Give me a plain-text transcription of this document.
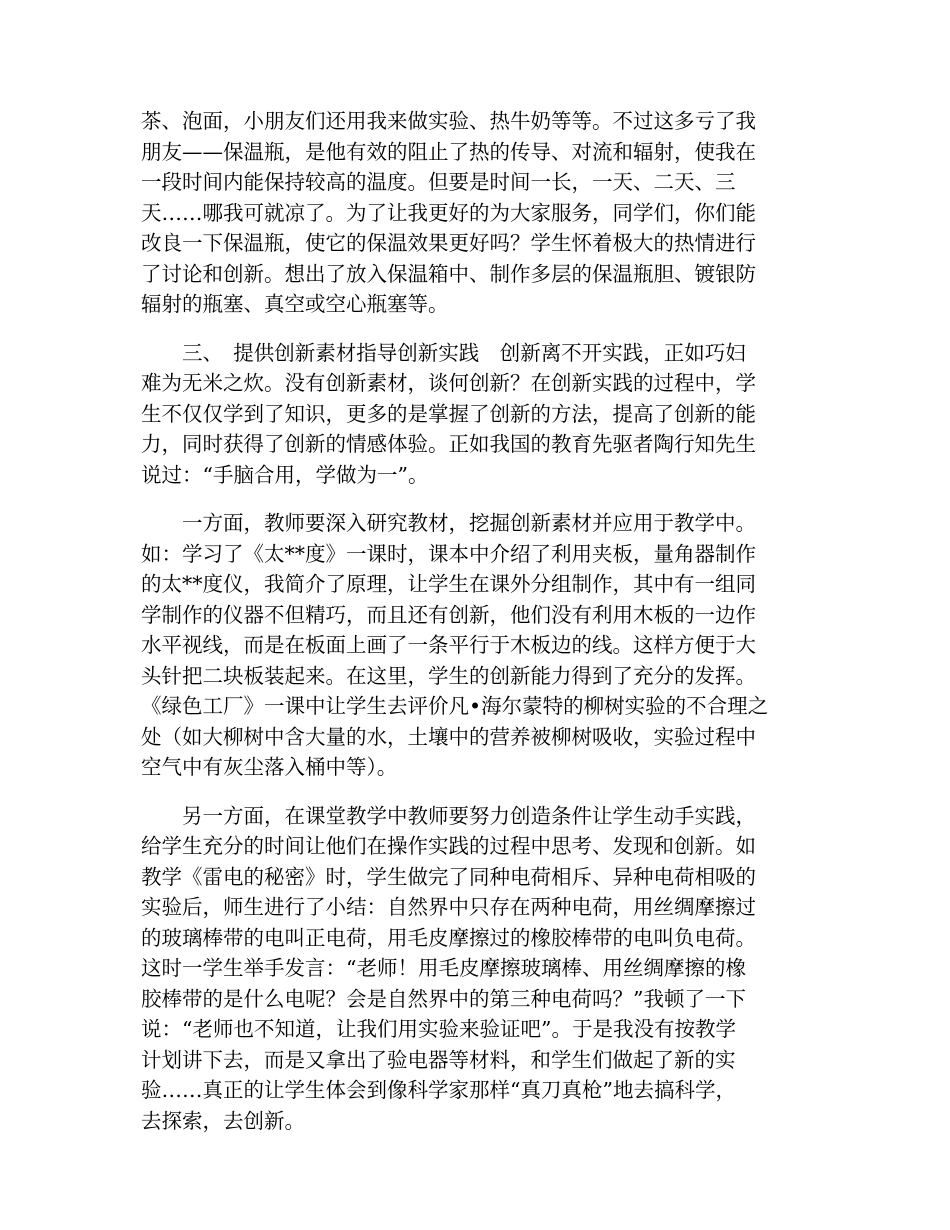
茶、泡面，小朋友们还用我来做实验、热牛奶等等。不过这多亏了我
朋友——保温瓶，是他有效的阻止了热的传导、对流和辐射，使我在
一段时间内能保持较高的温度。但要是时间一长，一天、二天、三
天……哪我可就凉了。为了让我更好的为大家服务，同学们，你们能
改良一下保温瓶，使它的保温效果更好吗？学生怀着极大的热情进行
了讨论和创新。想出了放入保温箱中、制作多层的保温瓶胆、镀银防
辐射的瓶塞、真空或空心瓶塞等。

　　三、　提供创新素材指导创新实践　创新离不开实践，正如巧妇
难为无米之炊。没有创新素材，谈何创新？在创新实践的过程中，学
生不仅仅学到了知识，更多的是掌握了创新的方法，提高了创新的能
力，同时获得了创新的情感体验。正如我国的教育先驱者陶行知先生
说过：“手脑合用，学做为一”。

　　一方面，教师要深入研究教材，挖掘创新素材并应用于教学中。
如：学习了《太**度》一课时，课本中介绍了利用夹板，量角器制作
的太**度仪，我简介了原理，让学生在课外分组制作，其中有一组同
学制作的仪器不但精巧，而且还有创新，他们没有利用木板的一边作
水平视线，而是在板面上画了一条平行于木板边的线。这样方便于大
头针把二块板装起来。在这里，学生的创新能力得到了充分的发挥。
《绿色工厂》一课中让学生去评价凡•海尔蒙特的柳树实验的不合理之
处（如大柳树中含大量的水，土壤中的营养被柳树吸收，实验过程中
空气中有灰尘落入桶中等）。

　　另一方面，在课堂教学中教师要努力创造条件让学生动手实践，
给学生充分的时间让他们在操作实践的过程中思考、发现和创新。如
教学《雷电的秘密》时，学生做完了同种电荷相斥、异种电荷相吸的
实验后，师生进行了小结：自然界中只存在两种电荷，用丝绸摩擦过
的玻璃棒带的电叫正电荷，用毛皮摩擦过的橡胶棒带的电叫负电荷。
这时一学生举手发言：“老师！用毛皮摩擦玻璃棒、用丝绸摩擦的橡
胶棒带的是什么电呢？会是自然界中的第三种电荷吗？”我顿了一下
说：“老师也不知道，让我们用实验来验证吧”。于是我没有按教学
计划讲下去，而是又拿出了验电器等材料，和学生们做起了新的实
验……真正的让学生体会到像科学家那样“真刀真枪”地去搞科学，
去探索，去创新。
